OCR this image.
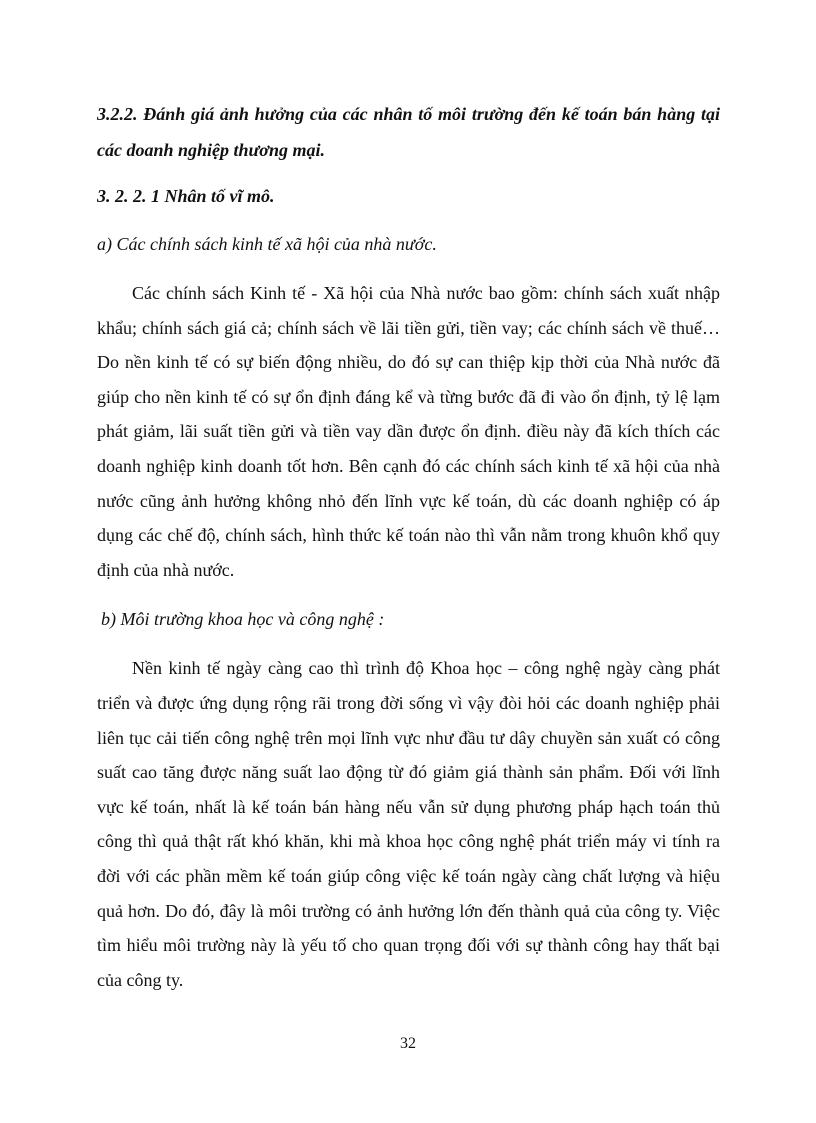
3.2.2. Đánh giá ảnh hưởng của các nhân tố môi trường đến kế toán bán hàng tại các doanh nghiệp thương mại.

3. 2. 2. 1 Nhân tố vĩ mô.

a) Các chính sách kinh tế xã hội của nhà nước.

Các chính sách Kinh tế - Xã hội của Nhà nước bao gồm: chính sách xuất nhập khẩu; chính sách giá cả; chính sách về lãi tiền gửi, tiền vay; các chính sách về thuế… Do nền kinh tế có sự biến động nhiều, do đó sự can thiệp kịp thời của Nhà nước đã giúp cho nền kinh tế có sự ổn định đáng kể và từng bước đã đi vào ổn định, tỷ lệ lạm phát giảm, lãi suất tiền gửi và tiền vay dần được ổn định. điều này đã kích thích các doanh nghiệp kinh doanh tốt hơn. Bên cạnh đó các chính sách kinh tế xã hội của nhà nước cũng ảnh hưởng không nhỏ đến lĩnh vực kế toán, dù các doanh nghiệp có áp dụng các chế độ, chính sách, hình thức kế toán nào thì vẫn nằm trong khuôn khổ quy định của nhà nước.

b) Môi trường khoa học và công nghệ :

Nền kinh tế ngày càng cao thì trình độ Khoa học – công nghệ ngày càng phát triển và được ứng dụng rộng rãi trong đời sống vì vậy đòi hỏi các doanh nghiệp phải liên tục cải tiến công nghệ trên mọi lĩnh vực như đầu tư dây chuyền sản xuất có công suất cao tăng được năng suất lao động từ đó giảm giá thành sản phẩm. Đối với lĩnh vực kế toán, nhất là kế toán bán hàng nếu vẫn sử dụng phương pháp hạch toán thủ công thì quả thật rất khó khăn, khi mà khoa học công nghệ phát triển máy vi tính ra đời với các phần mềm kế toán giúp công việc kế toán ngày càng chất lượng và hiệu quả hơn. Do đó, đây là môi trường có ảnh hưởng lớn đến thành quả của công ty. Việc tìm hiểu môi trường này là yếu tố cho quan trọng đối với sự thành công hay thất bại của công ty.

32
